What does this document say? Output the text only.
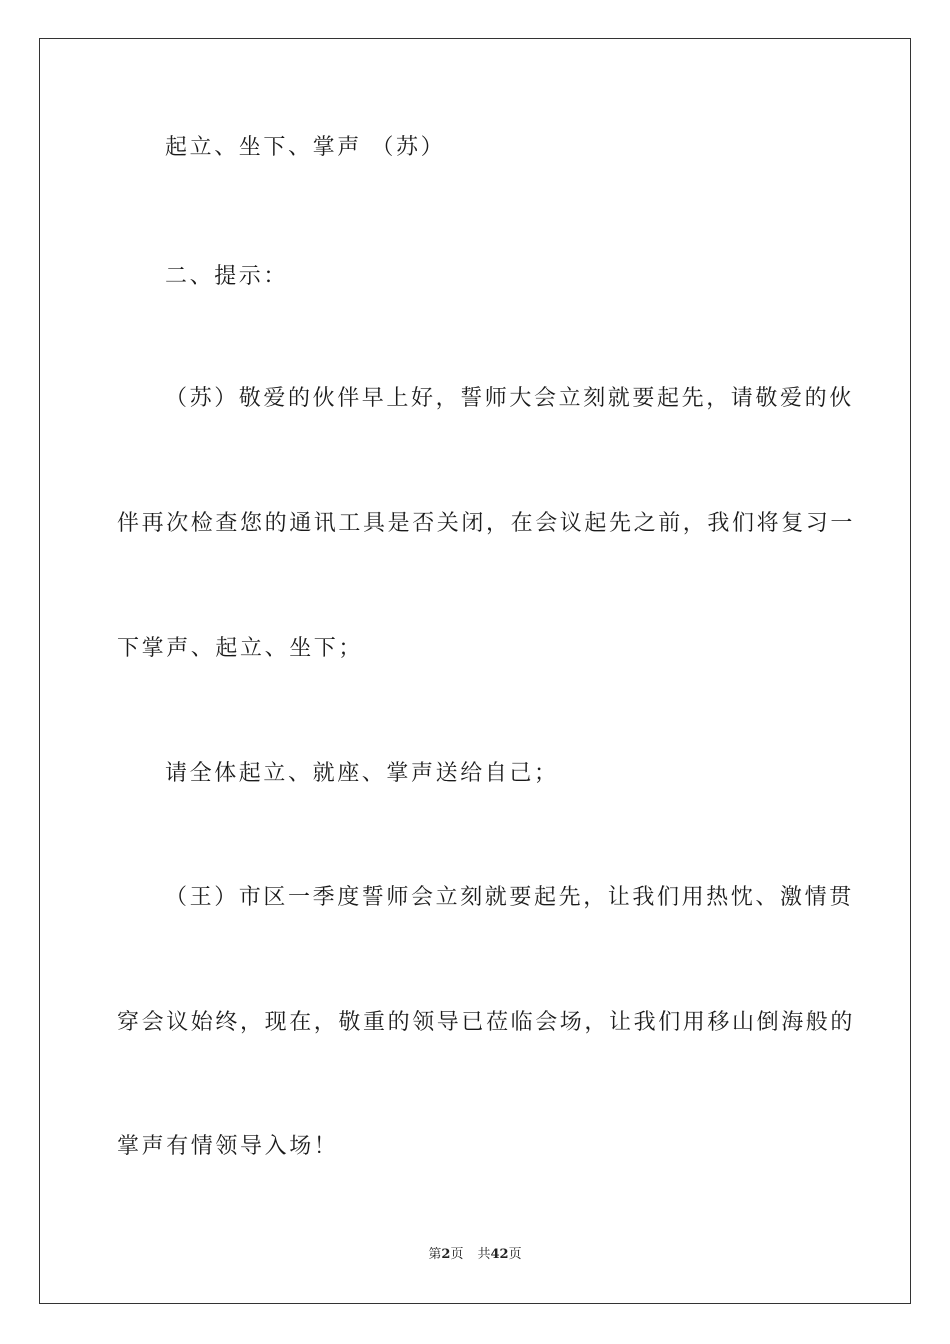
起立、坐下、掌声 （苏）
二、提示：
（苏）敬爱的伙伴早上好，誓师大会立刻就要起先，请敬爱的伙
伴再次检查您的通讯工具是否关闭，在会议起先之前，我们将复习一
下掌声、起立、坐下；
请全体起立、就座、掌声送给自己；
（王）市区一季度誓师会立刻就要起先，让我们用热忱、激情贯
穿会议始终，现在，敬重的领导已莅临会场，让我们用移山倒海般的
掌声有情领导入场！
第2页 共42页
